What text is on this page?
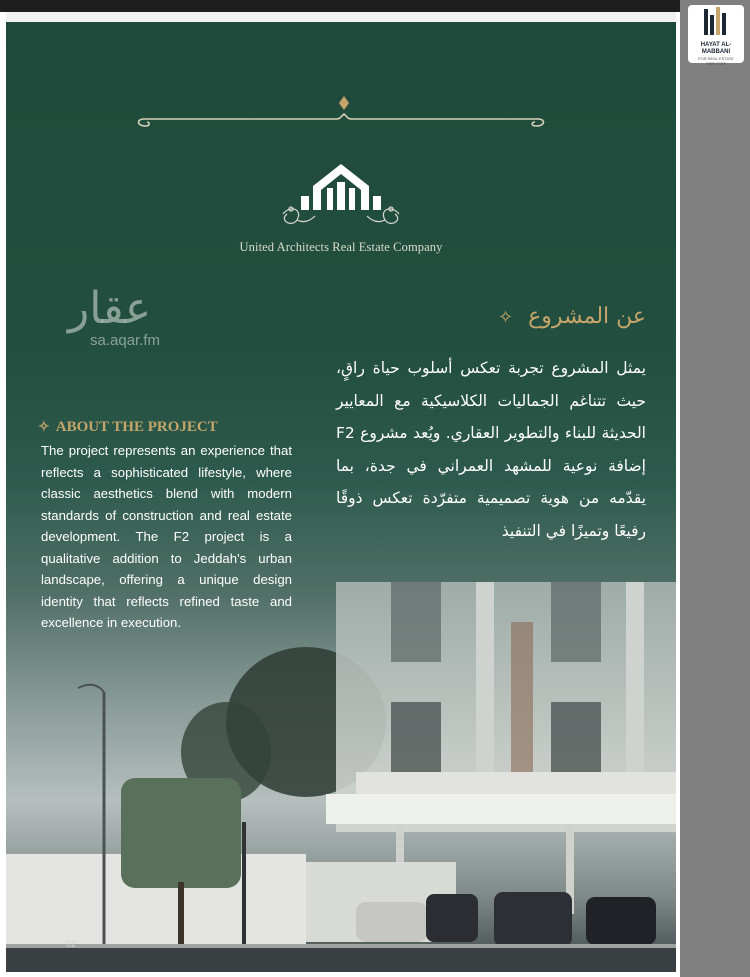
HAYAT AL-MABBANI
FOR REAL ESTATE SERVICES
United Architects Real Estate Company
عقار
sa.aqar.fm
عن المشروع ✧
يمثل المشروع تجربة تعكس أسلوب حياة راقٍ، حيث تتناغم الجماليات الكلاسيكية مع المعايير الحديثة للبناء والتطوير العقاري. ويُعد مشروع F2 إضافة نوعية للمشهد العمراني في جدة، بما يقدّمه من هوية تصميمية متفرّدة تعكس ذوقًا رفيعًا وتميزًا في التنفيذ
✧ ABOUT THE PROJECT
The project represents an experience that reflects a sophisticated lifestyle, where classic aesthetics blend with modern standards of construction and real estate development. The F2 project is a qualitative addition to Jeddah's urban landscape, offering a unique design identity that reflects refined taste and excellence in execution.
02
